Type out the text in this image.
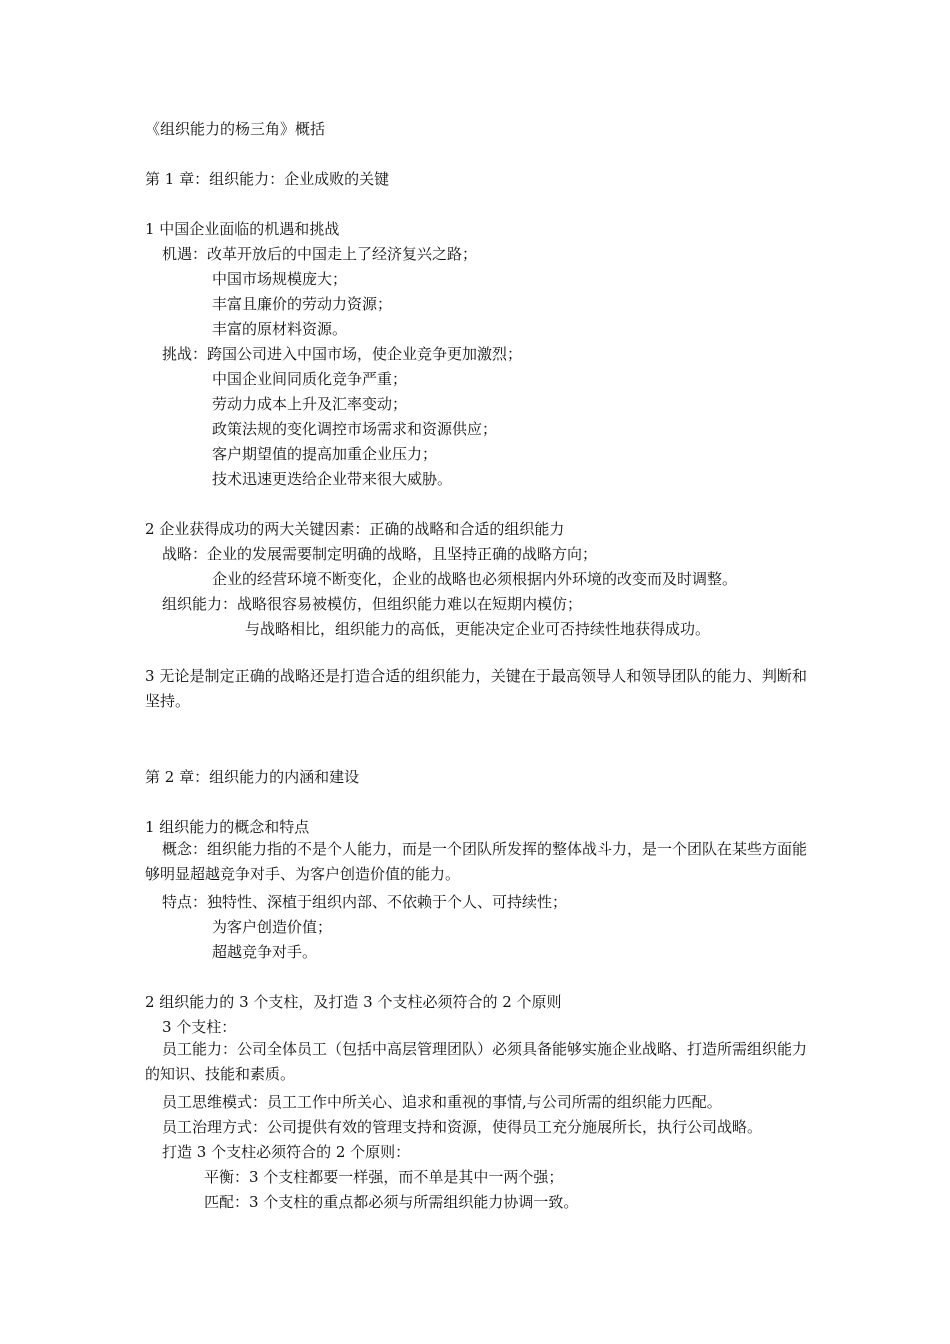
《组织能力的杨三角》概括
第 1 章：组织能力：企业成败的关键
1 中国企业面临的机遇和挑战
机遇：改革开放后的中国走上了经济复兴之路；
中国市场规模庞大；
丰富且廉价的劳动力资源；
丰富的原材料资源。
挑战：跨国公司进入中国市场，使企业竞争更加激烈；
中国企业间同质化竞争严重；
劳动力成本上升及汇率变动；
政策法规的变化调控市场需求和资源供应；
客户期望值的提高加重企业压力；
技术迅速更迭给企业带来很大威胁。
2 企业获得成功的两大关键因素：正确的战略和合适的组织能力
战略：企业的发展需要制定明确的战略，且坚持正确的战略方向；
企业的经营环境不断变化，企业的战略也必须根据内外环境的改变而及时调整。
组织能力：战略很容易被模仿，但组织能力难以在短期内模仿；
与战略相比，组织能力的高低，更能决定企业可否持续性地获得成功。
3 无论是制定正确的战略还是打造合适的组织能力，关键在于最高领导人和领导团队的能力、判断和坚持。
第 2 章：组织能力的内涵和建设
1 组织能力的概念和特点
概念：组织能力指的不是个人能力，而是一个团队所发挥的整体战斗力，是一个团队在某些方面能够明显超越竞争对手、为客户创造价值的能力。
特点：独特性、深植于组织内部、不依赖于个人、可持续性；
为客户创造价值；
超越竞争对手。
2 组织能力的 3 个支柱，及打造 3 个支柱必须符合的 2 个原则
3 个支柱：
员工能力：公司全体员工（包括中高层管理团队）必须具备能够实施企业战略、打造所需组织能力的知识、技能和素质。
员工思维模式：员工工作中所关心、追求和重视的事情,与公司所需的组织能力匹配。
员工治理方式：公司提供有效的管理支持和资源，使得员工充分施展所长，执行公司战略。
打造 3 个支柱必须符合的 2 个原则：
平衡：3 个支柱都要一样强，而不单是其中一两个强；
匹配：3 个支柱的重点都必须与所需组织能力协调一致。
